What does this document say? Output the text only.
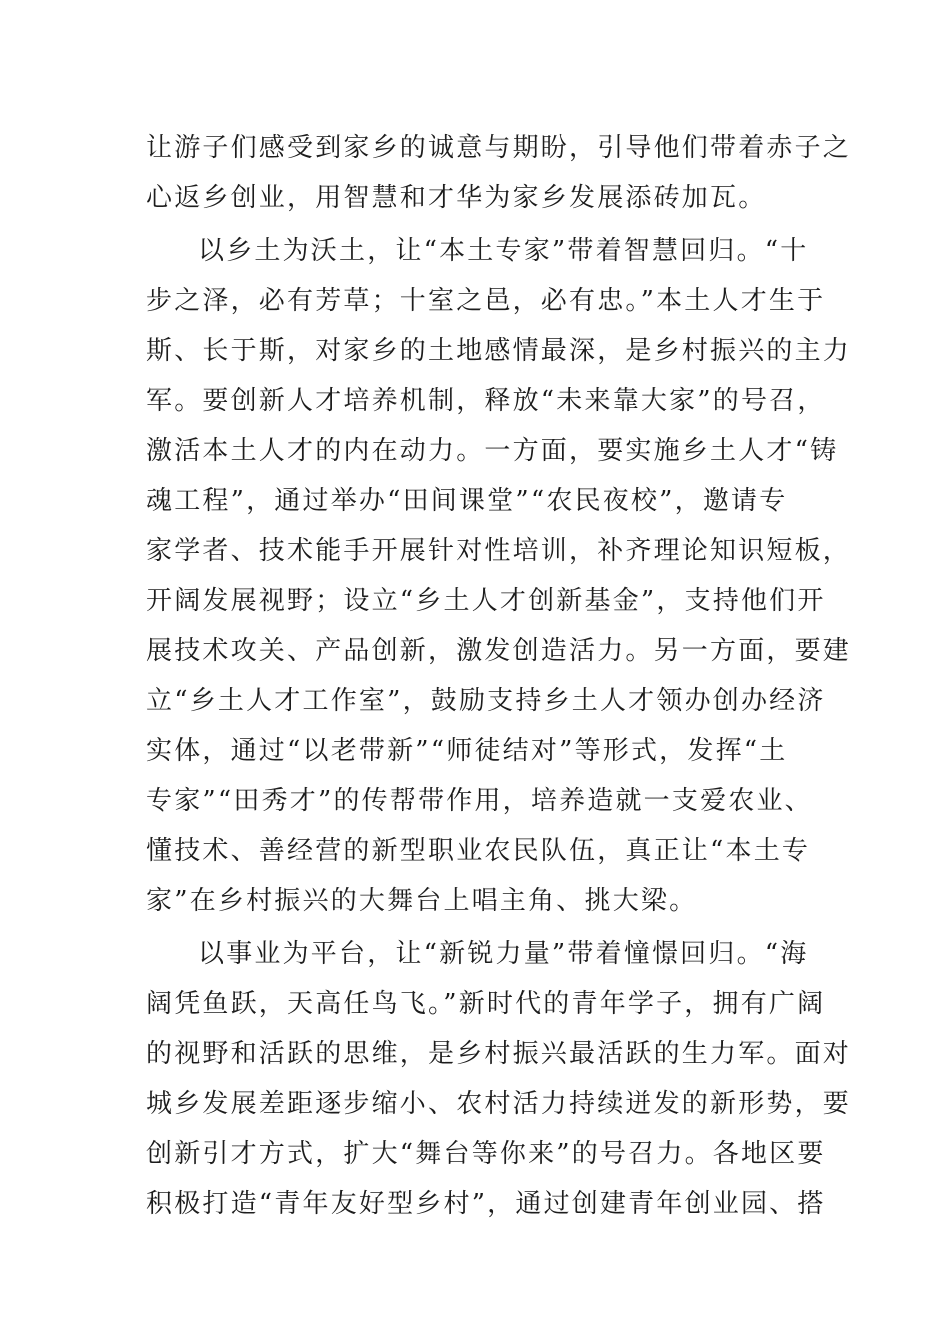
让游子们感受到家乡的诚意与期盼，引导他们带着赤子之
心返乡创业，用智慧和才华为家乡发展添砖加瓦。
以乡土为沃土，让“本土专家”带着智慧回归。“十
步之泽，必有芳草；十室之邑，必有忠。”本土人才生于
斯、长于斯，对家乡的土地感情最深，是乡村振兴的主力
军。要创新人才培养机制，释放“未来靠大家”的号召，
激活本土人才的内在动力。一方面，要实施乡土人才“铸
魂工程”，通过举办“田间课堂”“农民夜校”，邀请专
家学者、技术能手开展针对性培训，补齐理论知识短板，
开阔发展视野；设立“乡土人才创新基金”，支持他们开
展技术攻关、产品创新，激发创造活力。另一方面，要建
立“乡土人才工作室”，鼓励支持乡土人才领办创办经济
实体，通过“以老带新”“师徒结对”等形式，发挥“土
专家”“田秀才”的传帮带作用，培养造就一支爱农业、
懂技术、善经营的新型职业农民队伍，真正让“本土专
家”在乡村振兴的大舞台上唱主角、挑大梁。
以事业为平台，让“新锐力量”带着憧憬回归。“海
阔凭鱼跃，天高任鸟飞。”新时代的青年学子，拥有广阔
的视野和活跃的思维，是乡村振兴最活跃的生力军。面对
城乡发展差距逐步缩小、农村活力持续迸发的新形势，要
创新引才方式，扩大“舞台等你来”的号召力。各地区要
积极打造“青年友好型乡村”，通过创建青年创业园、搭
